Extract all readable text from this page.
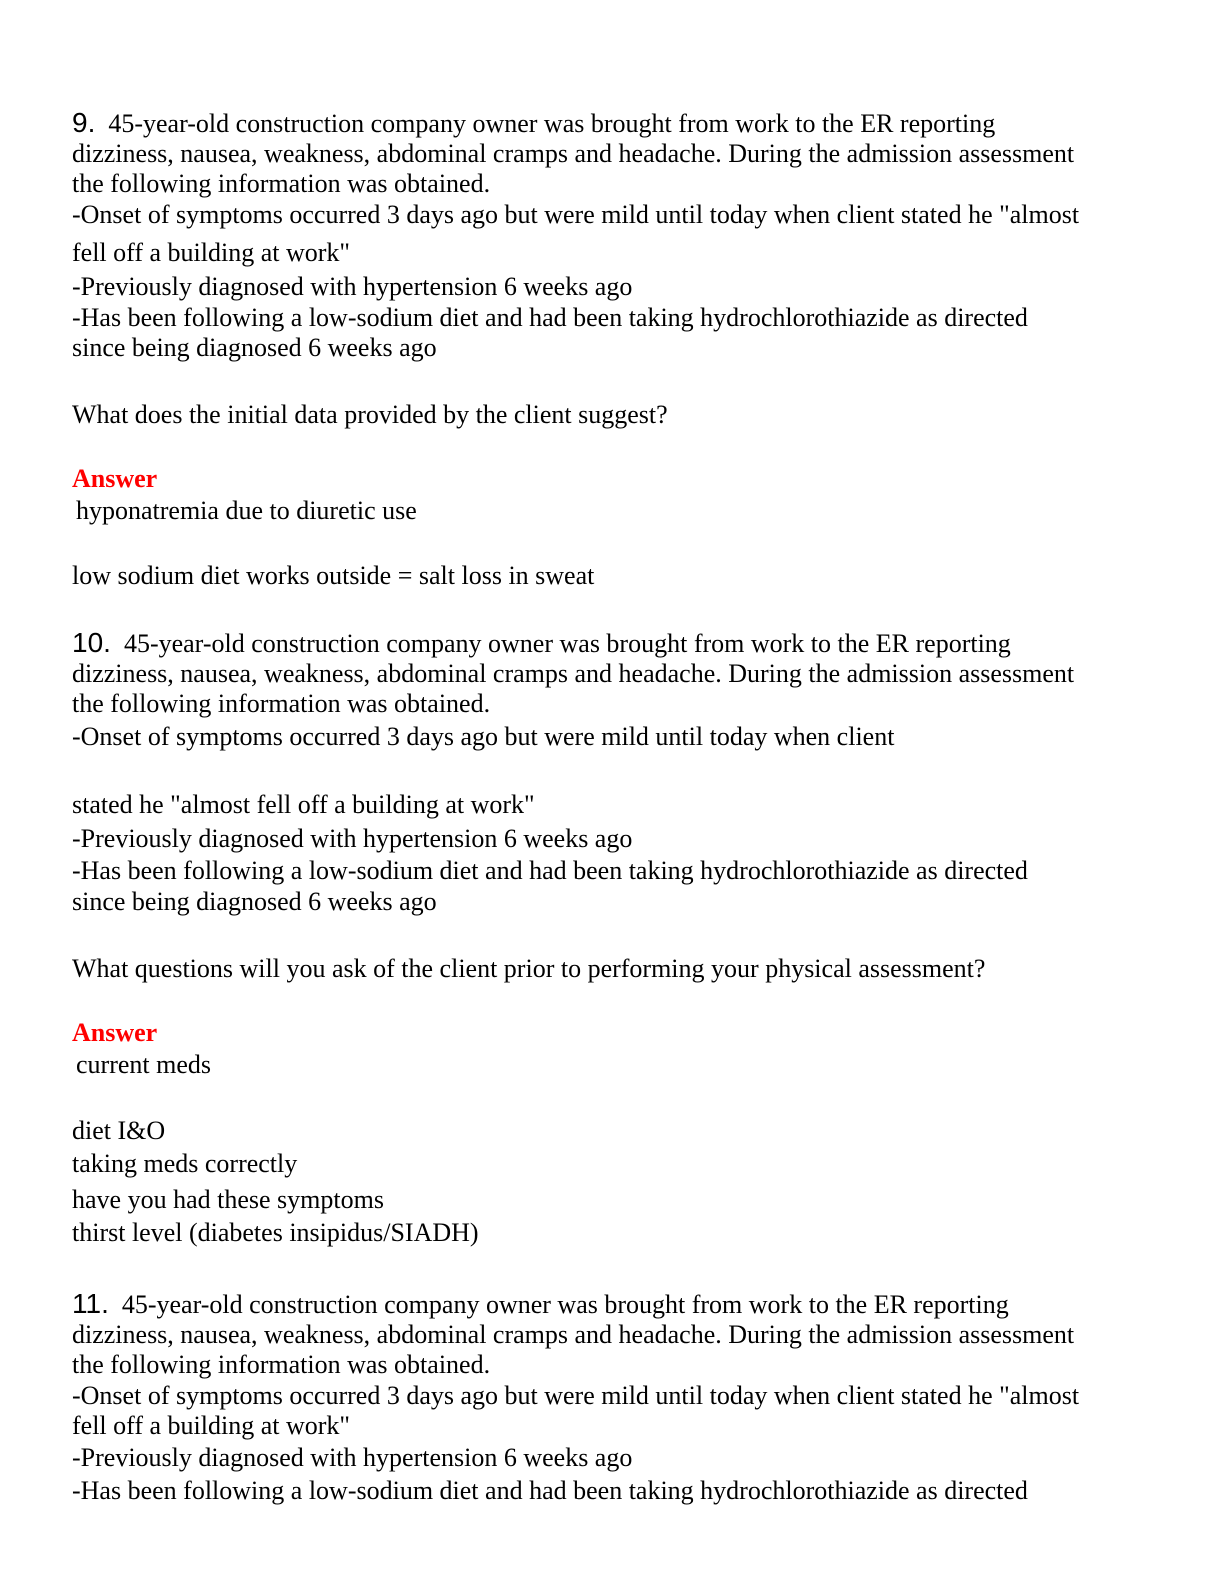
9. 45-year-old construction company owner was brought from work to the ER reporting
dizziness, nausea, weakness, abdominal cramps and headache. During the admission assessment
the following information was obtained.
-Onset of symptoms occurred 3 days ago but were mild until today when client stated he "almost
fell off a building at work"
-Previously diagnosed with hypertension 6 weeks ago
-Has been following a low-sodium diet and had been taking hydrochlorothiazide as directed
since being diagnosed 6 weeks ago
What does the initial data provided by the client suggest?
Answer
hyponatremia due to diuretic use
low sodium diet works outside = salt loss in sweat
10. 45-year-old construction company owner was brought from work to the ER reporting
dizziness, nausea, weakness, abdominal cramps and headache. During the admission assessment
the following information was obtained.
-Onset of symptoms occurred 3 days ago but were mild until today when client
stated he "almost fell off a building at work"
-Previously diagnosed with hypertension 6 weeks ago
-Has been following a low-sodium diet and had been taking hydrochlorothiazide as directed
since being diagnosed 6 weeks ago
What questions will you ask of the client prior to performing your physical assessment?
Answer
current meds
diet I&O
taking meds correctly
have you had these symptoms
thirst level (diabetes insipidus/SIADH)
11. 45-year-old construction company owner was brought from work to the ER reporting
dizziness, nausea, weakness, abdominal cramps and headache. During the admission assessment
the following information was obtained.
-Onset of symptoms occurred 3 days ago but were mild until today when client stated he "almost
fell off a building at work"
-Previously diagnosed with hypertension 6 weeks ago
-Has been following a low-sodium diet and had been taking hydrochlorothiazide as directed
